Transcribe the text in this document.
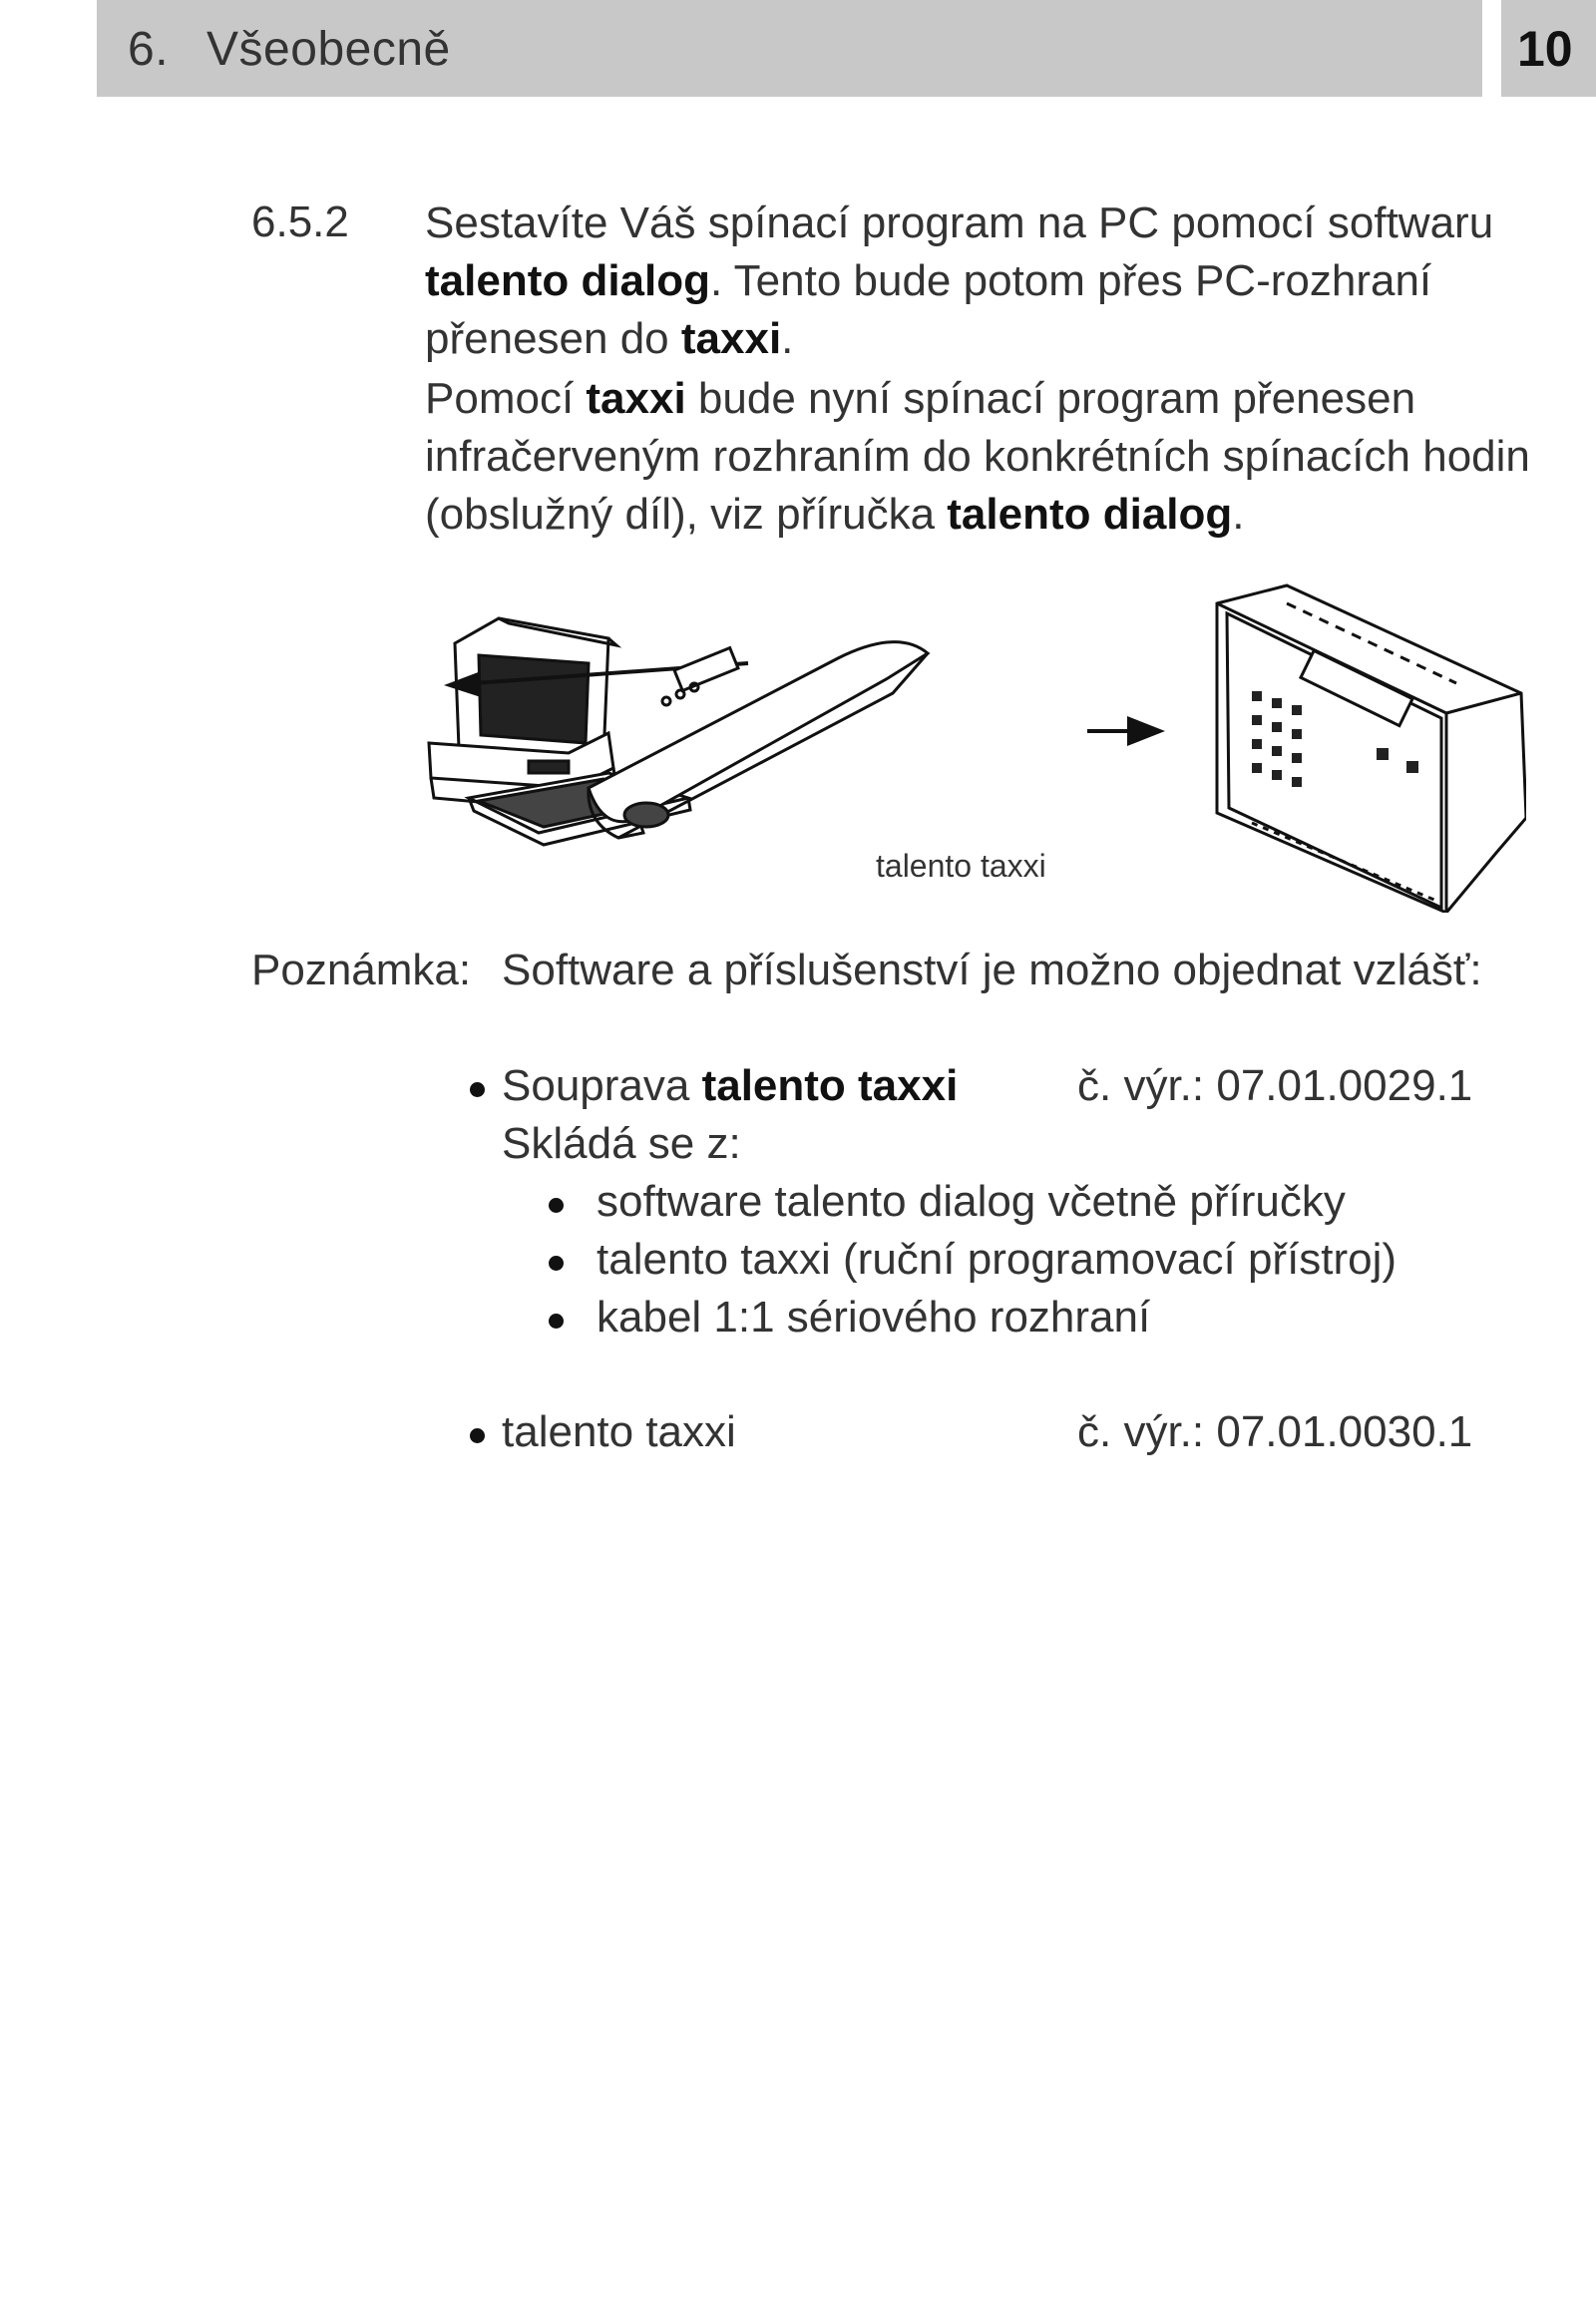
6. Všeobecně	10
6.5.2 Sestavíte Váš spínací program na PC pomocí softwaru
talento dialog. Tento bude potom přes PC-rozhraní
přenesen do taxxi.
Pomocí taxxi bude nyní spínací program přenesen
infračerveným rozhraním do konkrétních spínacích hodin
(obslužný díl), viz příručka talento dialog.
talento taxxi
Poznámka: Software a příslušenství je možno objednat vzlášť:
Souprava talento taxxi	č. výr.: 07.01.0029.1
Skládá se z:
software talento dialog včetně příručky
talento taxxi (ruční programovací přístroj)
kabel 1:1 sériového rozhraní
talento taxxi	č. výr.: 07.01.0030.1
